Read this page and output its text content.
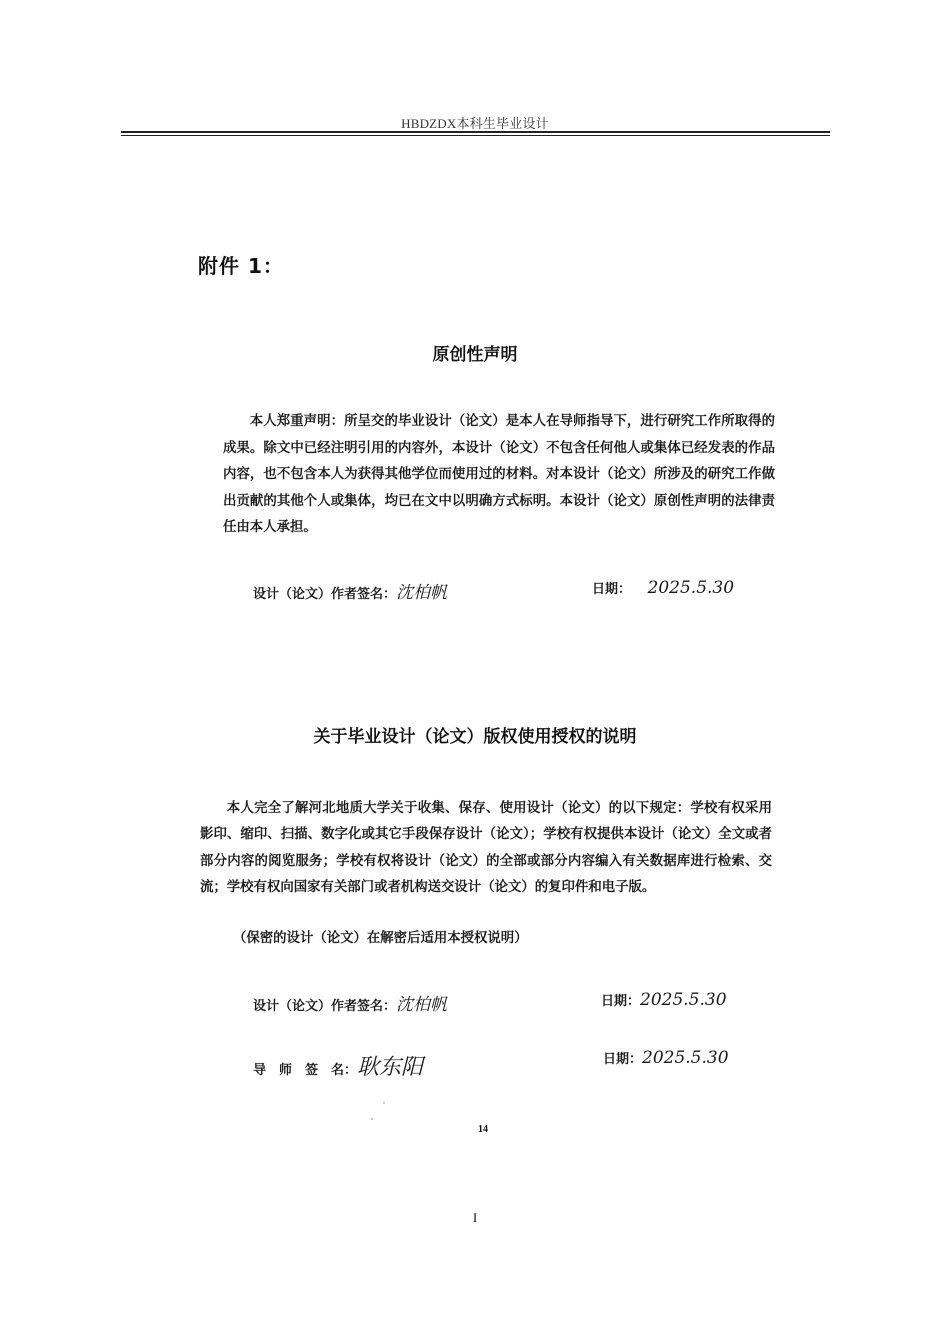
HBDZDX本科生毕业设计
附件 1：
原创性声明

本人郑重声明：所呈交的毕业设计（论文）是本人在导师指导下，进行研究工作所取得的成果。除文中已经注明引用的内容外，本设计（论文）不包含任何他人或集体已经发表的作品内容，也不包含本人为获得其他学位而使用过的材料。对本设计（论文）所涉及的研究工作做出贡献的其他个人或集体，均已在文中以明确方式标明。本设计（论文）原创性声明的法律责任由本人承担。

设计（论文）作者签名：沈柏帆	日期： 2025.5.30
关于毕业设计（论文）版权使用授权的说明

本人完全了解河北地质大学关于收集、保存、使用设计（论文）的以下规定：学校有权采用影印、缩印、扫描、数字化或其它手段保存设计（论文）；学校有权提供本设计（论文）全文或者部分内容的阅览服务；学校有权将设计（论文）的全部或部分内容编入有关数据库进行检索、交流；学校有权向国家有关部门或者机构送交设计（论文）的复印件和电子版。

（保密的设计（论文）在解密后适用本授权说明）
设计（论文）作者签名：沈柏帆	日期：2025.5.30
导　师　签　名：耿东阳	日期：2025.5.30
14
I
